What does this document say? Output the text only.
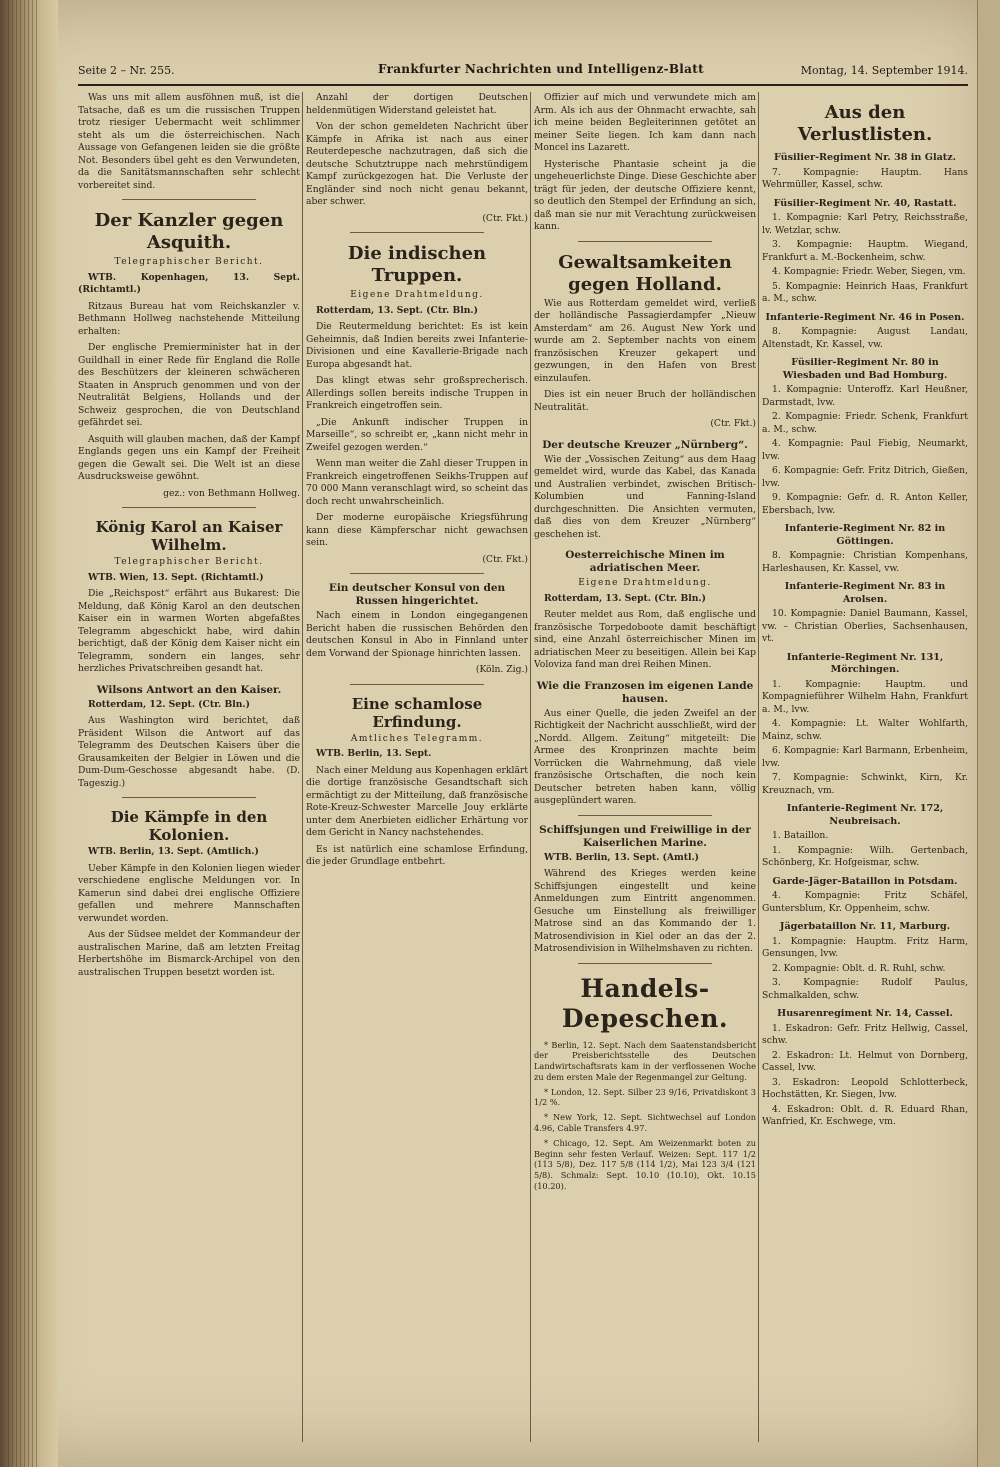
Seite 2 – Nr. 255.	Frankfurter Nachrichten und Intelligenz-Blatt	Montag, 14. September 1914.

Was uns mit allem ausföhnen muß, ist die Tatsache, daß es um die russischen Truppen trotz riesiger Uebermacht weit schlimmer steht als um die österreichischen. Nach Aussage von Gefangenen leiden sie die größte Not. Besonders übel geht es den Verwundeten, da die Sanitätsmannschaften sehr schlecht vorbereitet sind.

Der Kanzler gegen Asquith.
Telegraphischer Bericht.

WTB. Kopenhagen, 13. Sept. (Richtamtl.)

Ritzaus Bureau hat vom Reichskanzler v. Bethmann Hollweg nachstehende Mitteilung erhalten:

Der englische Premierminister hat in der Guildhall in einer Rede für England die Rolle des Beschützers der kleineren schwächeren Staaten in Anspruch genommen und von der Neutralität Belgiens, Hollands und der Schweiz gesprochen, die von Deutschland gefährdet sei.

Asquith will glauben machen, daß der Kampf Englands gegen uns ein Kampf der Freiheit gegen die Gewalt sei. Die Welt ist an diese Ausdrucksweise gewöhnt.

gez.: von Bethmann Hollweg.
König Karol an Kaiser Wilhelm.
Telegraphischer Bericht.

WTB. Wien, 13. Sept. (Richtamtl.)

Die „Reichspost“ erfährt aus Bukarest: Die Meldung, daß König Karol an den deutschen Kaiser ein in warmen Worten abgefaßtes Telegramm abgeschickt habe, wird dahin berichtigt, daß der König dem Kaiser nicht ein Telegramm, sondern ein langes, sehr herzliches Privatschreiben gesandt hat.

Wilsons Antwort an den Kaiser.

Rotterdam, 12. Sept. (Ctr. Bln.)

Aus Washington wird berichtet, daß Präsident Wilson die Antwort auf das Telegramm des Deutschen Kaisers über die Grausamkeiten der Belgier in Löwen und die Dum-Dum-Geschosse abgesandt habe. (D. Tageszig.)

Die Kämpfe in den Kolonien.

WTB. Berlin, 13. Sept. (Amtlich.)

Ueber Kämpfe in den Kolonien liegen wieder verschiedene englische Meldungen vor. In Kamerun sind dabei drei englische Offiziere gefallen und mehrere Mannschaften verwundet worden.

Aus der Südsee meldet der Kommandeur der australischen Marine, daß am letzten Freitag Herbertshöhe im Bismarck-Archipel von den australischen Truppen besetzt worden ist.

Anzahl der dortigen Deutschen heldenmütigen Widerstand geleistet hat.

Von der schon gemeldeten Nachricht über Kämpfe in Afrika ist nach aus einer Reuterdepesche nachzutragen, daß sich die deutsche Schutztruppe nach mehrstündigem Kampf zurückgezogen hat. Die Verluste der Engländer sind noch nicht genau bekannt, aber schwer.

(Ctr. Fkt.)
Die indischen Truppen.
Eigene Drahtmeldung.

Rotterdam, 13. Sept. (Ctr. Bln.)

Die Reutermeldung berichtet: Es ist kein Geheimnis, daß Indien bereits zwei Infanterie-Divisionen und eine Kavallerie-Brigade nach Europa abgesandt hat.

Das klingt etwas sehr großsprecherisch. Allerdings sollen bereits indische Truppen in Frankreich eingetroffen sein.

„Die Ankunft indischer Truppen in Marseille“, so schreibt er, „kann nicht mehr in Zweifel gezogen werden.“

Wenn man weiter die Zahl dieser Truppen in Frankreich eingetroffenen Seikhs-Truppen auf 70 000 Mann veranschlagt wird, so scheint das doch recht unwahrscheinlich.

Der moderne europäische Kriegsführung kann diese Kämpferschar nicht gewachsen sein.

(Ctr. Fkt.)
Ein deutscher Konsul von den Russen hingerichtet.

Nach einem in London eingegangenen Bericht haben die russischen Behörden den deutschen Konsul in Abo in Finnland unter dem Vorwand der Spionage hinrichten lassen.

(Köln. Zig.)
Eine schamlose Erfindung.
Amtliches Telegramm.

WTB. Berlin, 13. Sept.

Nach einer Meldung aus Kopenhagen erklärt die dortige französische Gesandtschaft sich ermächtigt zu der Mitteilung, daß französische Rote-Kreuz-Schwester Marcelle Jouy erklärte unter dem Anerbieten eidlicher Erhärtung vor dem Gericht in Nancy nachstehendes.

Es ist natürlich eine schamlose Erfindung, die jeder Grundlage entbehrt.

Offizier auf mich und verwundete mich am Arm. Als ich aus der Ohnmacht erwachte, sah ich meine beiden Begleiterinnen getötet an meiner Seite liegen. Ich kam dann nach Moncel ins Lazarett.

Hysterische Phantasie scheint ja die ungeheuerlichste Dinge. Diese Geschichte aber trägt für jeden, der deutsche Offiziere kennt, so deutlich den Stempel der Erfindung an sich, daß man sie nur mit Verachtung zurückweisen kann.

Gewaltsamkeiten gegen Holland.

Wie aus Rotterdam gemeldet wird, verließ der holländische Passagierdampfer „Nieuw Amsterdam“ am 26. August New York und wurde am 2. September nachts von einem französischen Kreuzer gekapert und gezwungen, in den Hafen von Brest einzulaufen.

Dies ist ein neuer Bruch der holländischen Neutralität.

(Ctr. Fkt.)
Der deutsche Kreuzer „Nürnberg“.

Wie der „Vossischen Zeitung“ aus dem Haag gemeldet wird, wurde das Kabel, das Kanada und Australien verbindet, zwischen Britisch-Kolumbien und Fanning-Island durchgeschnitten. Die Ansichten vermuten, daß dies von dem Kreuzer „Nürnberg“ geschehen ist.

Oesterreichische Minen im adriatischen Meer.
Eigene Drahtmeldung.

Rotterdam, 13. Sept. (Ctr. Bln.)

Reuter meldet aus Rom, daß englische und französische Torpedoboote damit beschäftigt sind, eine Anzahl österreichischer Minen im adriatischen Meer zu beseitigen. Allein bei Kap Voloviza fand man drei Reihen Minen.

Wie die Franzosen im eigenen Lande hausen.

Aus einer Quelle, die jeden Zweifel an der Richtigkeit der Nachricht ausschließt, wird der „Nordd. Allgem. Zeitung“ mitgeteilt: Die Armee des Kronprinzen machte beim Vorrücken die Wahrnehmung, daß viele französische Ortschaften, die noch kein Deutscher betreten haben kann, völlig ausgeplündert waren.

Schiffsjungen und Freiwillige in der Kaiserlichen Marine.

WTB. Berlin, 13. Sept. (Amtl.)

Während des Krieges werden keine Schiffsjungen eingestellt und keine Anmeldungen zum Eintritt angenommen. Gesuche um Einstellung als freiwilliger Matrose sind an das Kommando der 1. Matrosendivision in Kiel oder an das der 2. Matrosendivision in Wilhelmshaven zu richten.

Handels-Depeschen.

* Berlin, 12. Sept. Nach dem Saatenstandsbericht der Preisberichtsstelle des Deutschen Landwirtschaftsrats kam in der verflossenen Woche zu dem ersten Male der Regenmangel zur Geltung.

* London, 12. Sept. Silber 23 9/16, Privatdiskont 3 1/2 %.

* New York, 12. Sept. Sichtwechsel auf London 4.96, Cable Transfers 4.97.

* Chicago, 12. Sept. Am Weizenmarkt boten zu Beginn sehr festen Verlauf. Weizen: Sept. 117 1/2 (113 5/8), Dez. 117 5/8 (114 1/2), Mai 123 3/4 (121 5/8). Schmalz: Sept. 10.10 (10.10), Okt. 10.15 (10.20).

Aus den Verlustlisten.
Füsilier-Regiment Nr. 38 in Glatz.

7. Kompagnie: Hauptm. Hans Wehrmüller, Kassel, schw.

Füsilier-Regiment Nr. 40, Rastatt.

1. Kompagnie: Karl Petry, Reichsstraße, lv. Wetzlar, schw.

3. Kompagnie: Hauptm. Wiegand, Frankfurt a. M.-Bockenheim, schw.

4. Kompagnie: Friedr. Weber, Siegen, vm.

5. Kompagnie: Heinrich Haas, Frankfurt a. M., schw.

Infanterie-Regiment Nr. 46 in Posen.

8. Kompagnie: August Landau, Altenstadt, Kr. Kassel, vw.

Füsilier-Regiment Nr. 80 in Wiesbaden und Bad Homburg.

1. Kompagnie: Unteroffz. Karl Heußner, Darmstadt, lvw.

2. Kompagnie: Friedr. Schenk, Frankfurt a. M., schw.

4. Kompagnie: Paul Fiebig, Neumarkt, lvw.

6. Kompagnie: Gefr. Fritz Ditrich, Gießen, lvw.

9. Kompagnie: Gefr. d. R. Anton Keller, Ebersbach, lvw.

Infanterie-Regiment Nr. 82 in Göttingen.

8. Kompagnie: Christian Kompenhans, Harleshausen, Kr. Kassel, vw.

Infanterie-Regiment Nr. 83 in Arolsen.

10. Kompagnie: Daniel Baumann, Kassel, vw. – Christian Oberlies, Sachsenhausen, vt.

Infanterie-Regiment Nr. 131, Mörchingen.

1. Kompagnie: Hauptm. und Kompagnieführer Wilhelm Hahn, Frankfurt a. M., lvw.

4. Kompagnie: Lt. Walter Wohlfarth, Mainz, schw.

6. Kompagnie: Karl Barmann, Erbenheim, lvw.

7. Kompagnie: Schwinkt, Kirn, Kr. Kreuznach, vm.

Infanterie-Regiment Nr. 172, Neubreisach.

1. Bataillon.

1. Kompagnie: Wilh. Gertenbach, Schönberg, Kr. Hofgeismar, schw.

Garde-Jäger-Bataillon in Potsdam.

4. Kompagnie: Fritz Schäfel, Guntersblum, Kr. Oppenheim, schw.

Jägerbataillon Nr. 11, Marburg.

1. Kompagnie: Hauptm. Fritz Harm, Gensungen, lvw.

2. Kompagnie: Oblt. d. R. Ruhl, schw.

3. Kompagnie: Rudolf Paulus, Schmalkalden, schw.

Husarenregiment Nr. 14, Cassel.

1. Eskadron: Gefr. Fritz Hellwig, Cassel, schw.

2. Eskadron: Lt. Helmut von Dornberg, Cassel, lvw.

3. Eskadron: Leopold Schlotterbeck, Hochstätten, Kr. Siegen, lvw.

4. Eskadron: Oblt. d. R. Eduard Rhan, Wanfried, Kr. Eschwege, vm.
